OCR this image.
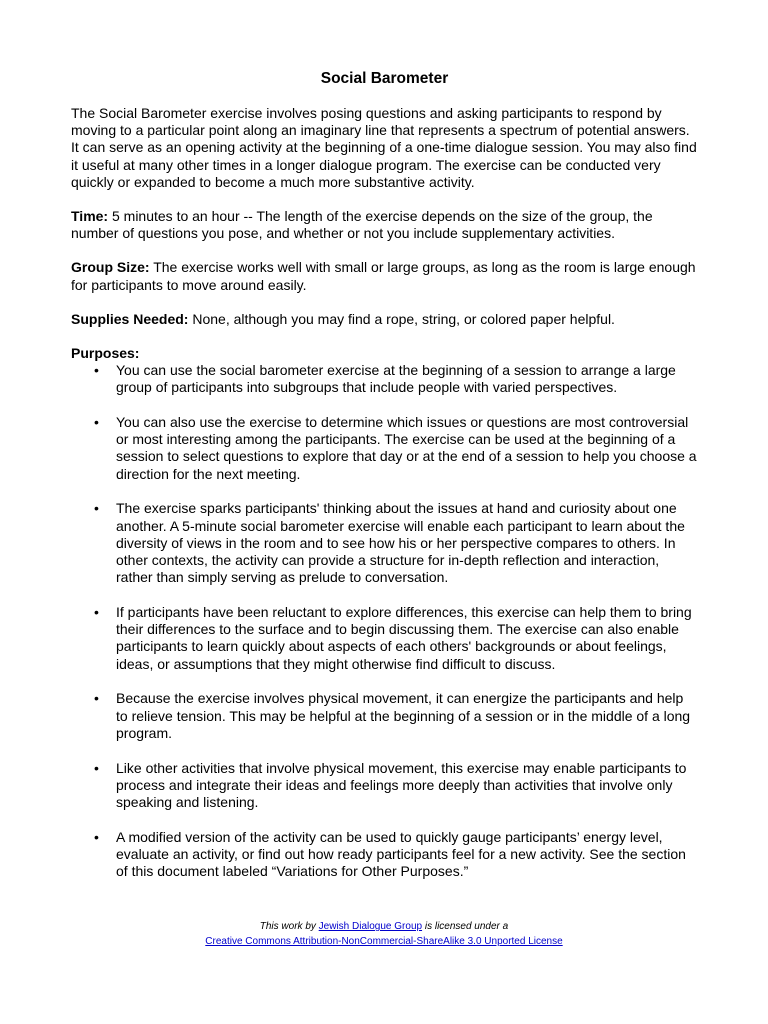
Social Barometer

The Social Barometer exercise involves posing questions and asking participants to respond by moving to a particular point along an imaginary line that represents a spectrum of potential answers. It can serve as an opening activity at the beginning of a one-time dialogue session. You may also find it useful at many other times in a longer dialogue program. The exercise can be conducted very quickly or expanded to become a much more substantive activity.

Time: 5 minutes to an hour -- The length of the exercise depends on the size of the group, the number of questions you pose, and whether or not you include supplementary activities.

Group Size: The exercise works well with small or large groups, as long as the room is large enough for participants to move around easily.

Supplies Needed: None, although you may find a rope, string, or colored paper helpful.

Purposes:
• You can use the social barometer exercise at the beginning of a session to arrange a large group of participants into subgroups that include people with varied perspectives.
• You can also use the exercise to determine which issues or questions are most controversial or most interesting among the participants. The exercise can be used at the beginning of a session to select questions to explore that day or at the end of a session to help you choose a direction for the next meeting.
• The exercise sparks participants' thinking about the issues at hand and curiosity about one another. A 5-minute social barometer exercise will enable each participant to learn about the diversity of views in the room and to see how his or her perspective compares to others. In other contexts, the activity can provide a structure for in-depth reflection and interaction, rather than simply serving as prelude to conversation.
• If participants have been reluctant to explore differences, this exercise can help them to bring their differences to the surface and to begin discussing them. The exercise can also enable participants to learn quickly about aspects of each others' backgrounds or about feelings, ideas, or assumptions that they might otherwise find difficult to discuss.
• Because the exercise involves physical movement, it can energize the participants and help to relieve tension. This may be helpful at the beginning of a session or in the middle of a long program.
• Like other activities that involve physical movement, this exercise may enable participants to process and integrate their ideas and feelings more deeply than activities that involve only speaking and listening.
• A modified version of the activity can be used to quickly gauge participants’ energy level, evaluate an activity, or find out how ready participants feel for a new activity. See the section of this document labeled “Variations for Other Purposes.”
This work by Jewish Dialogue Group is licensed under a
Creative Commons Attribution-NonCommercial-ShareAlike 3.0 Unported License
